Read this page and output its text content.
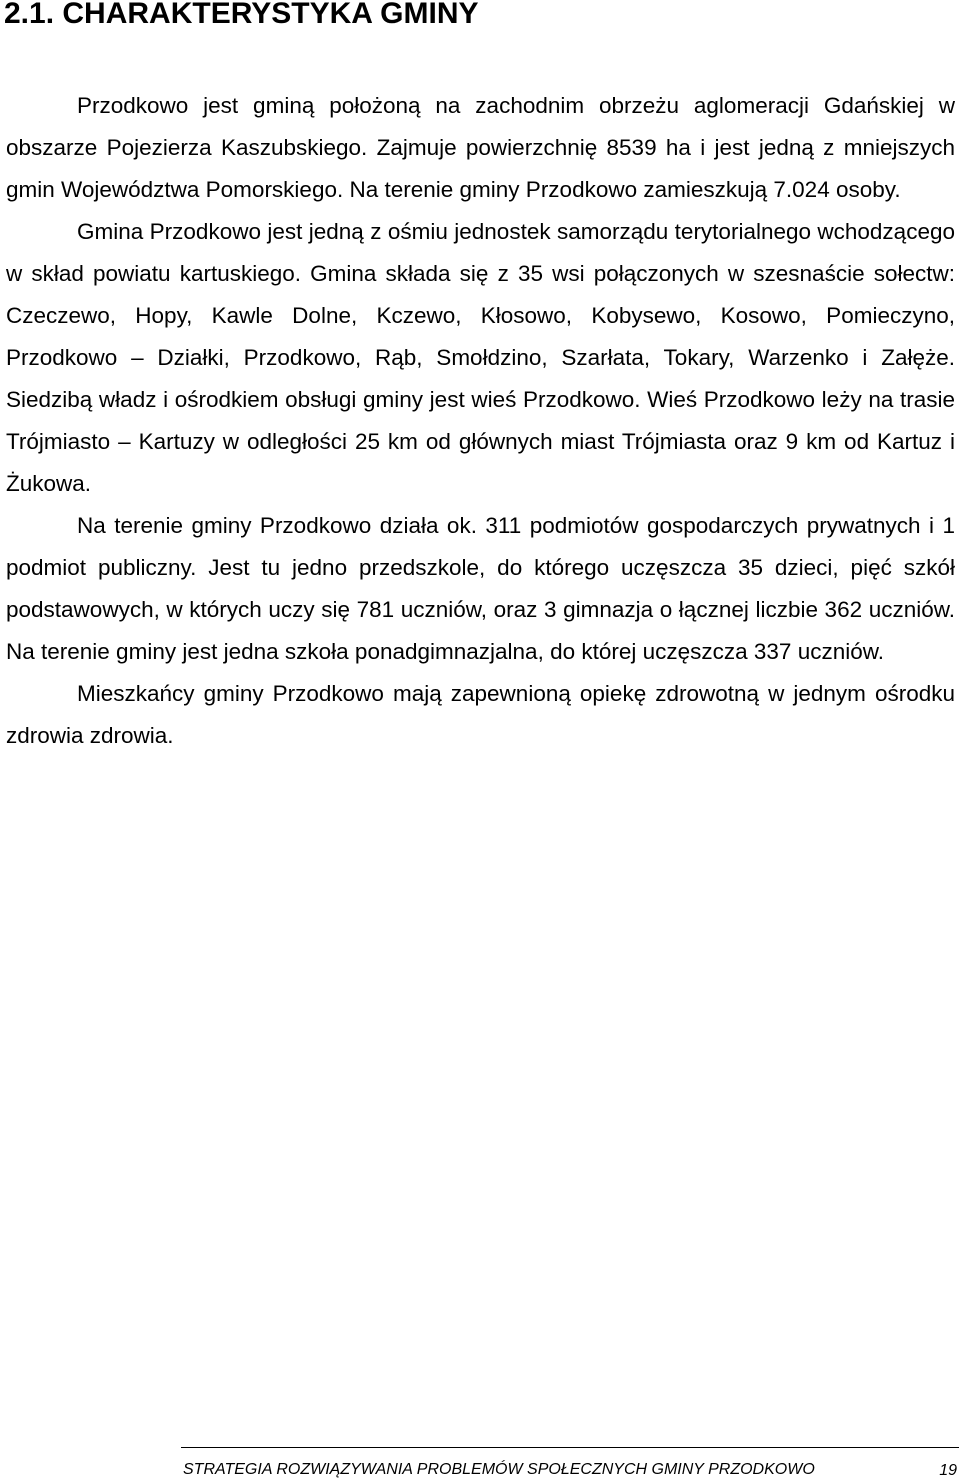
2.1. CHARAKTERYSTYKA GMINY

Przodkowo jest gminą położoną na zachodnim obrzeżu aglomeracji Gdańskiej w obszarze Pojezierza Kaszubskiego. Zajmuje powierzchnię 8539 ha i jest jedną z mniejszych gmin Województwa Pomorskiego. Na terenie gminy Przodkowo zamieszkują 7.024 osoby.

Gmina Przodkowo jest jedną z ośmiu jednostek samorządu terytorialnego wchodzącego w skład powiatu kartuskiego. Gmina składa się z 35 wsi połączonych w szesnaście sołectw: Czeczewo, Hopy, Kawle Dolne, Kczewo, Kłosowo, Kobysewo, Kosowo, Pomieczyno, Przodkowo – Działki, Przodkowo, Rąb, Smołdzino, Szarłata, Tokary, Warzenko i Załęże. Siedzibą władz i ośrodkiem obsługi gminy jest wieś Przodkowo. Wieś Przodkowo leży na trasie Trójmiasto – Kartuzy w odległości 25 km od głównych miast Trójmiasta oraz 9 km od Kartuz i Żukowa.

Na terenie gminy Przodkowo działa ok. 311 podmiotów gospodarczych prywatnych i 1 podmiot publiczny. Jest tu jedno przedszkole, do którego uczęszcza 35 dzieci, pięć szkół podstawowych, w których uczy się 781 uczniów, oraz 3 gimnazja o łącznej liczbie 362 uczniów. Na terenie gminy jest jedna szkoła ponadgimnazjalna, do której uczęszcza 337 uczniów.

Mieszkańcy gminy Przodkowo mają zapewnioną opiekę zdrowotną w jednym ośrodku zdrowia zdrowia.

STRATEGIA ROZWIĄZYWANIA PROBLEMÓW SPOŁECZNYCH GMINY PRZODKOWO	19
